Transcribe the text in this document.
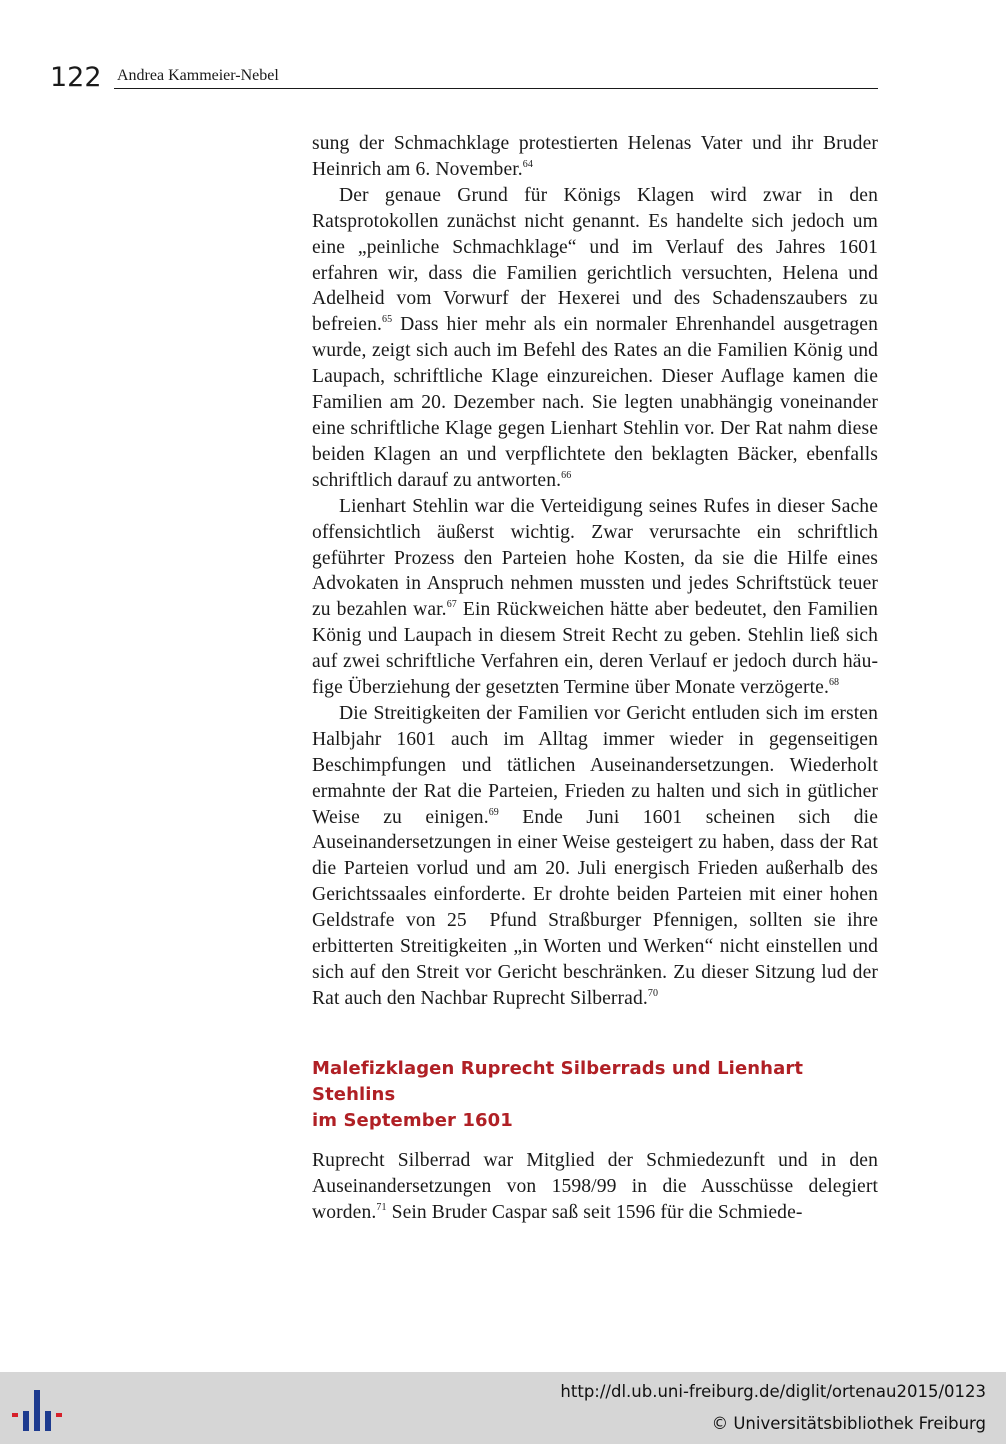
122 Andrea Kammeier-Nebel

sung der Schmachklage protestierten Helenas Vater und ihr Bruder Heinrich am 6. November.$^{64}$

Der genaue Grund für Königs Klagen wird zwar in den Ratsprotokollen zunächst nicht genannt. Es handelte sich jedoch um eine „peinliche Schmachklage“ und im Verlauf des Jahres 1601 erfahren wir, dass die Familien gerichtlich versuchten, Helena und Adelheid vom Vorwurf der Hexerei und des Schadenszaubers zu befreien.$^{65}$ Dass hier mehr als ein normaler Ehrenhandel ausgetragen wurde, zeigt sich auch im Befehl des Rates an die Familien König und Laupach, schriftliche Klage einzureichen. Dieser Auflage kamen die Familien am 20. Dezember nach. Sie legten unabhängig voneinander eine schriftliche Klage gegen Lienhart Stehlin vor. Der Rat nahm diese beiden Klagen an und verpflichtete den beklagten Bäcker, ebenfalls schriftlich darauf zu antworten.$^{66}$

Lienhart Stehlin war die Verteidigung seines Rufes in dieser Sache offensichtlich äußerst wichtig. Zwar verursachte ein schriftlich geführter Prozess den Parteien hohe Kosten, da sie die Hilfe eines Advokaten in Anspruch nehmen mussten und jedes Schriftstück teuer zu bezahlen war.$^{67}$ Ein Rückweichen hätte aber bedeutet, den Familien König und Laupach in diesem Streit Recht zu geben. Stehlin ließ sich auf zwei schriftliche Verfahren ein, deren Verlauf er jedoch durch häufige Überziehung der gesetzten Termine über Monate verzögerte.$^{68}$

Die Streitigkeiten der Familien vor Gericht entluden sich im ersten Halbjahr 1601 auch im Alltag immer wieder in gegenseitigen Beschimpfungen und tätlichen Auseinandersetzungen. Wiederholt ermahnte der Rat die Parteien, Frieden zu halten und sich in gütlicher Weise zu einigen.$^{69}$ Ende Juni 1601 scheinen sich die Auseinandersetzungen in einer Weise gesteigert zu haben, dass der Rat die Parteien vorlud und am 20. Juli energisch Frieden außerhalb des Gerichtssaales einforderte. Er drohte beiden Parteien mit einer hohen Geldstrafe von 25  Pfund Straßburger Pfennigen, sollten sie ihre erbitterten Streitigkeiten „in Worten und Werken“ nicht einstellen und sich auf den Streit vor Gericht beschränken. Zu dieser Sitzung lud der Rat auch den Nachbar Ruprecht Silberrad.$^{70}$

Malefizklagen Ruprecht Silberrads und Lienhart Stehlins
im September 1601

Ruprecht Silberrad war Mitglied der Schmiedezunft und in den Auseinandersetzungen von 1598/99 in die Ausschüsse delegiert worden.$^{71}$ Sein Bruder Caspar saß seit 1596 für die Schmiede-

http://dl.ub.uni-freiburg.de/diglit/ortenau2015/0123
© Universitätsbibliothek Freiburg
